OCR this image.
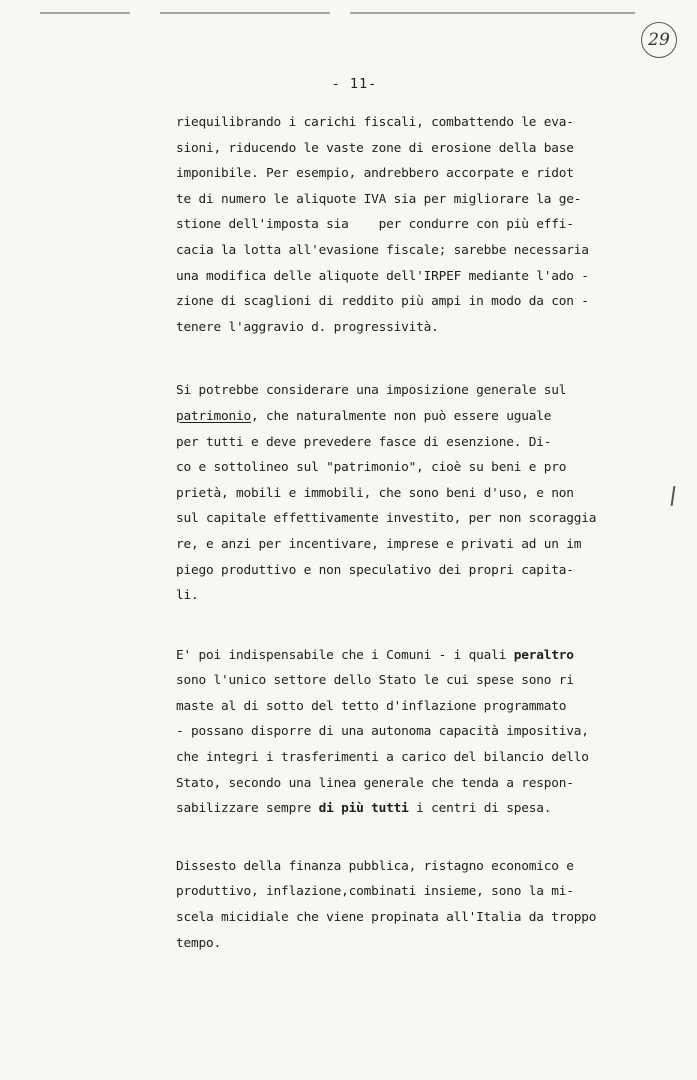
29
- 11-
riequilibrando i carichi fiscali, combattendo le eva-
sioni, riducendo le vaste zone di erosione della base
imponibile. Per esempio, andrebbero accorpate e ridot
te di numero le aliquote IVA sia per migliorare la ge-
stione dell'imposta sia    per condurre con più effi-
cacia la lotta all'evasione fiscale; sarebbe necessaria
una modifica delle aliquote dell'IRPEF mediante l'ado -
zione di scaglioni di reddito più ampi in modo da con -
tenere l'aggravio d. progressività.
Si potrebbe considerare una imposizione generale sul
patrimonio, che naturalmente non può essere uguale
per tutti e deve prevedere fasce di esenzione. Di-
co e sottolineo sul "patrimonio", cioè su beni e pro
prietà, mobili e immobili, che sono beni d'uso, e non
sul capitale effettivamente investito, per non scoraggia
re, e anzi per incentivare, imprese e privati ad un im
piego produttivo e non speculativo dei propri capita-
li.
E' poi indispensabile che i Comuni - i quali peraltro
sono l'unico settore dello Stato le cui spese sono ri
maste al di sotto del tetto d'inflazione programmato
- possano disporre di una autonoma capacità impositiva,
che integri i trasferimenti a carico del bilancio dello
Stato, secondo una linea generale che tenda a respon-
sabilizzare sempre di più tutti i centri di spesa.
Dissesto della finanza pubblica, ristagno economico e
produttivo, inflazione,combinati insieme, sono la mi-
scela micidiale che viene propinata all'Italia da troppo
tempo.
